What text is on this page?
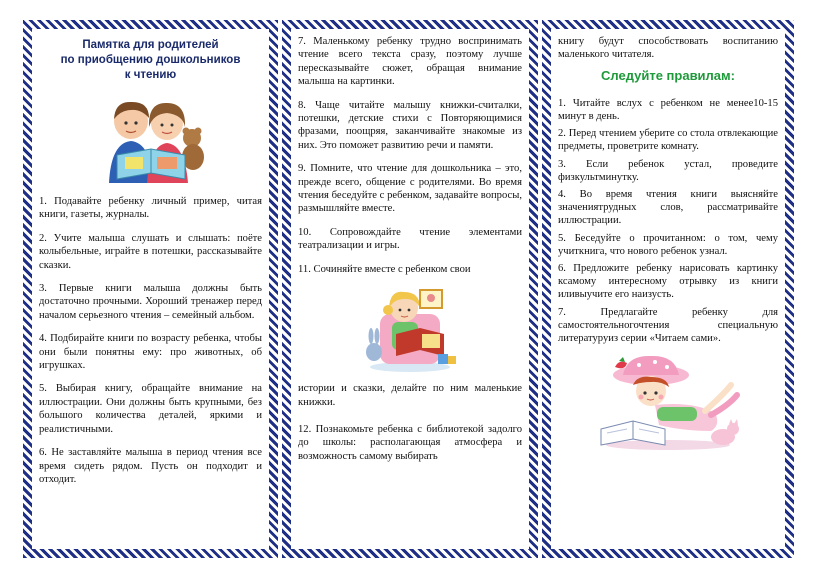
Памятка для родителей
по приобщению дошкольников
к чтению

1. Подавайте ребенку личный пример, читая книги, газеты, журналы.

2. Учите малыша слушать и слышать: поёте колыбельные, играйте в потешки, рассказывайте сказки.

3. Первые книги малыша должны быть достаточно прочными. Хороший тренажер перед началом серьезного чтения – семейный альбом.

4. Подбирайте книги по возрасту ребенка, чтобы они были понятны ему: про животных, об игрушках.

5. Выбирая книгу, обращайте внимание на иллюстрации. Они должны быть крупными, без большого количества деталей, яркими и реалистичными.

6. Не заставляйте малыша в период чтения все время сидеть рядом. Пусть он подходит и отходит.

7. Маленькому ребенку трудно воспринимать чтение всего текста сразу, поэтому лучше пересказывайте сюжет, обращая внимание малыша на картинки.

8. Чаще читайте малышу книжки-считалки, потешки, детские стихи с Повторяющимися фразами, поощряя, заканчивайте знакомые из них. Это поможет развитию речи и памяти.

9. Помните, что чтение для дошкольника – это, прежде всего, общение с родителями. Во время чтения беседуйте с ребенком, задавайте вопросы, размышляйте вместе.

10. Сопровождайте чтение элементами театрализации и игры.

11. Сочиняйте вместе с ребенком свои

истории и сказки, делайте по ним маленькие книжки.

12. Познакомьте ребенка с библиотекой задолго до школы: располагающая атмосфера и возможность самому выбирать

книгу будут способствовать воспитанию маленького читателя.

Следуйте правилам:

1. Читайте вслух с ребенком не менее10-15 минут в день.

2. Перед чтением уберите со стола отвлекающие предметы, проветрите комнату.

3. Если ребенок устал, проведите физкультминутку.

4. Во время чтения книги выясняйте значениятрудных слов, рассматривайте иллюстрации.

5. Беседуйте о прочитанном: о том, чему учиткнига, что нового ребенок узнал.

6. Предложите ребенку нарисовать картинку ксамому интересному отрывку из книги иливыучите его наизусть.

7. Предлагайте ребенку для самостоятельногочтения специальную литературуиз серии «Читаем сами».
